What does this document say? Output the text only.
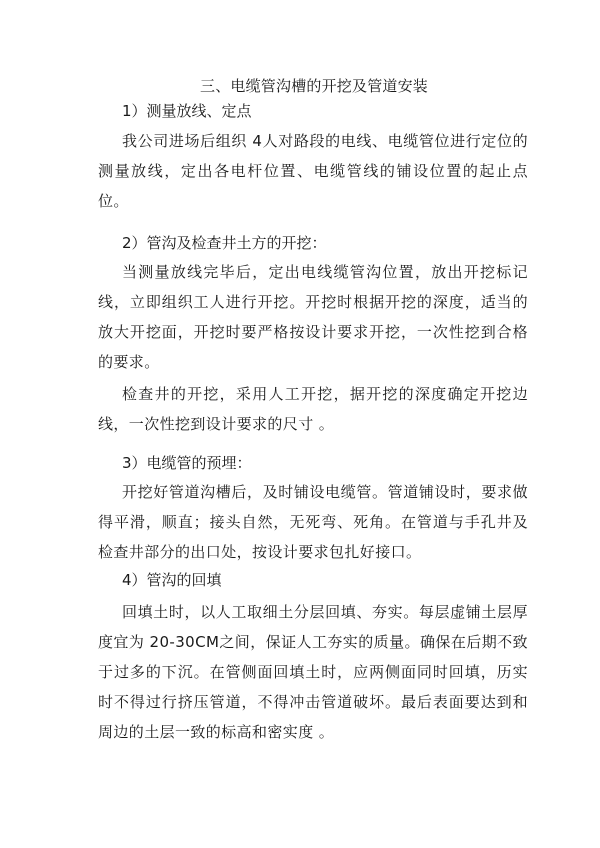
三、电缆管沟槽的开挖及管道安装
1）测量放线、定点
我公司进场后组织 4人对路段的电线、电缆管位进行定位的测量放线，定出各电杆位置、电缆管线的铺设位置的起止点位。
2）管沟及检查井土方的开挖：
当测量放线完毕后，定出电线缆管沟位置，放出开挖标记线，立即组织工人进行开挖。开挖时根据开挖的深度，适当的放大开挖面，开挖时要严格按设计要求开挖，一次性挖到合格的要求。
检查井的开挖，采用人工开挖，据开挖的深度确定开挖边线，一次性挖到设计要求的尺寸 。
3）电缆管的预埋：
开挖好管道沟槽后，及时铺设电缆管。管道铺设时，要求做得平滑，顺直；接头自然，无死弯、死角。在管道与手孔井及检查井部分的出口处，按设计要求包扎好接口。
4）管沟的回填
回填土时，以人工取细土分层回填、夯实。每层虚铺土层厚度宜为 20-30CM之间，保证人工夯实的质量。确保在后期不致于过多的下沉。在管侧面回填土时，应两侧面同时回填，历实时不得过行挤压管道，不得冲击管道破坏。最后表面要达到和周边的土层一致的标高和密实度 。
